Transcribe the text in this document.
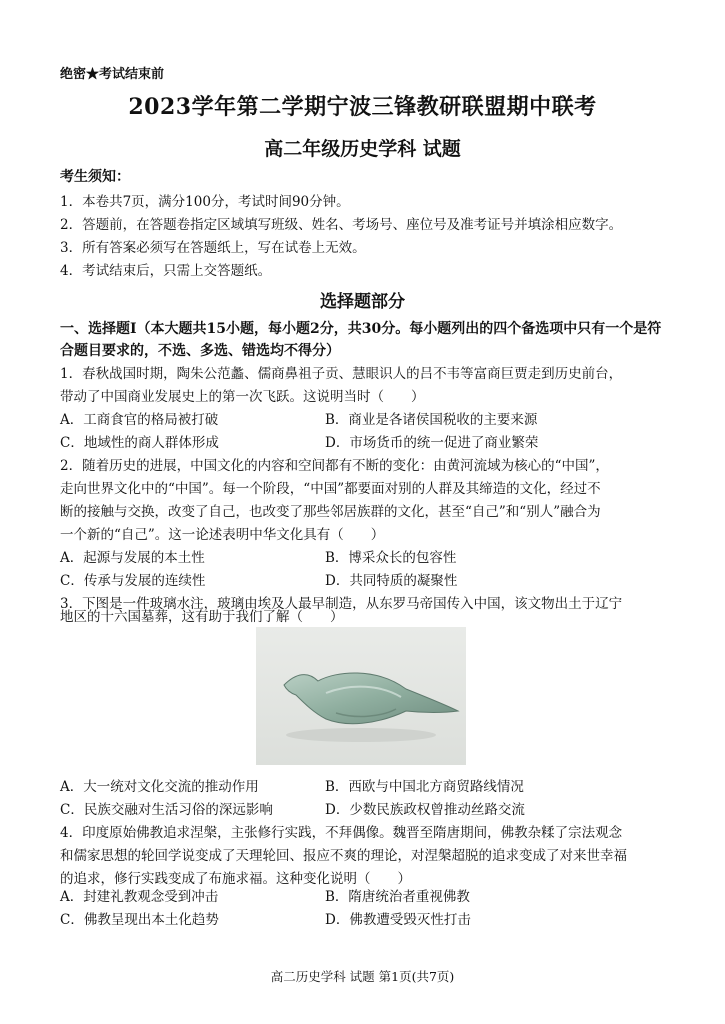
绝密★考试结束前
2023学年第二学期宁波三锋教研联盟期中联考
高二年级历史学科 试题
考生须知：
1．本卷共7页，满分100分，考试时间90分钟。
2．答题前，在答题卷指定区域填写班级、姓名、考场号、座位号及准考证号并填涂相应数字。
3．所有答案必须写在答题纸上，写在试卷上无效。
4．考试结束后，只需上交答题纸。
选择题部分
一、选择题Ⅰ（本大题共15小题，每小题2分，共30分。每小题列出的四个备选项中只有一个是符合题目要求的，不选、多选、错选均不得分）
1．春秋战国时期，陶朱公范蠡、儒商鼻祖子贡、慧眼识人的吕不韦等富商巨贾走到历史前台，
带动了中国商业发展史上的第一次飞跃。这说明当时（　　）
A．工商食官的格局被打破	B．商业是各诸侯国税收的主要来源
C．地域性的商人群体形成	D．市场货币的统一促进了商业繁荣
2．随着历史的进展，中国文化的内容和空间都有不断的变化：由黄河流域为核心的“中国”，
走向世界文化中的“中国”。每一个阶段，“中国”都要面对别的人群及其缔造的文化，经过不
断的接触与交换，改变了自己，也改变了那些邻居族群的文化，甚至“自己”和“别人”融合为
一个新的“自己”。这一论述表明中华文化具有（　　）
A．起源与发展的本土性	B．博采众长的包容性
C．传承与发展的连续性	D．共同特质的凝聚性
3．下图是一件玻璃水注，玻璃由埃及人最早制造，从东罗马帝国传入中国，该文物出土于辽宁
地区的十六国墓葬，这有助于我们了解（　　）
A．大一统对文化交流的推动作用	B．西欧与中国北方商贸路线情况
C．民族交融对生活习俗的深远影响	D．少数民族政权曾推动丝路交流
4．印度原始佛教追求涅槃，主张修行实践，不拜偶像。魏晋至隋唐期间，佛教杂糅了宗法观念
和儒家思想的轮回学说变成了天理轮回、报应不爽的理论，对涅槃超脱的追求变成了对来世幸福
的追求，修行实践变成了布施求福。这种变化说明（　　）
A．封建礼教观念受到冲击	B．隋唐统治者重视佛教
C．佛教呈现出本土化趋势	D．佛教遭受毁灭性打击
高二历史学科 试题 第1页(共7页)
